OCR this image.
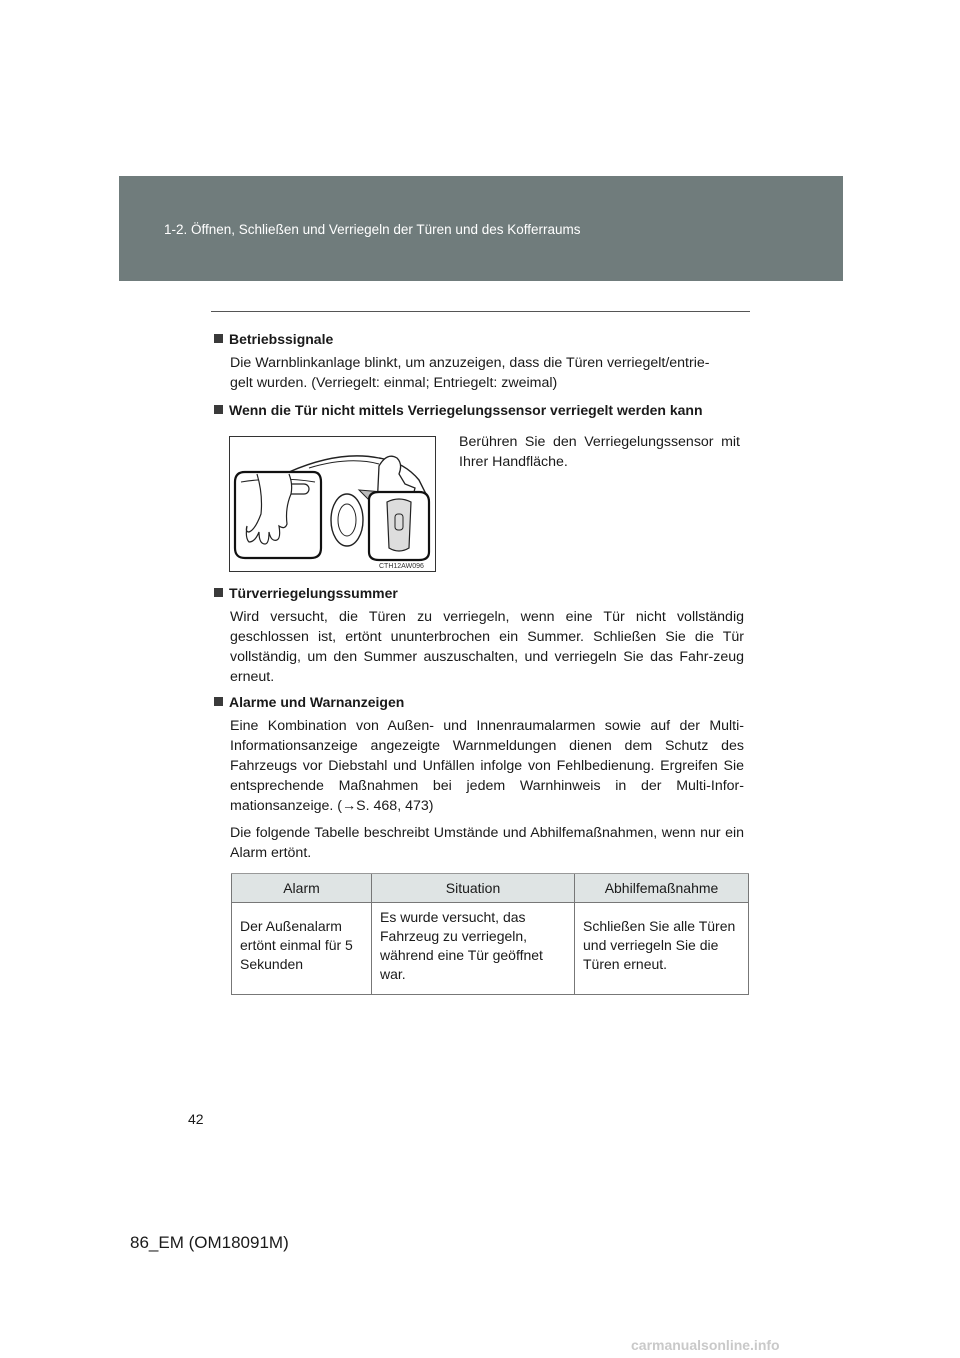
1-2. Öffnen, Schließen und Verriegeln der Türen und des Kofferraums
Betriebssignale
Die Warnblinkanlage blinkt, um anzuzeigen, dass die Türen verriegelt/entrie-
gelt wurden. (Verriegelt: einmal; Entriegelt: zweimal)
Wenn die Tür nicht mittels Verriegelungssensor verriegelt werden kann
CTH12AW096
Berühren Sie den Verriegelungssensor mit Ihrer Handfläche.
Türverriegelungssummer
Wird versucht, die Türen zu verriegeln, wenn eine Tür nicht vollständig geschlossen ist, ertönt ununterbrochen ein Summer. Schließen Sie die Tür vollständig, um den Summer auszuschalten, und verriegeln Sie das Fahr-zeug erneut.
Alarme und Warnanzeigen
Eine Kombination von Außen- und Innenraumalarmen sowie auf der Multi-Informationsanzeige angezeigte Warnmeldungen dienen dem Schutz des Fahrzeugs vor Diebstahl und Unfällen infolge von Fehlbedienung. Ergreifen Sie entsprechende Maßnahmen bei jedem Warnhinweis in der Multi-Infor-mationsanzeige. (→S. 468, 473)
Die folgende Tabelle beschreibt Umstände und Abhilfemaßnahmen, wenn nur ein Alarm ertönt.
Alarm	Situation	Abhilfemaßnahme
Der Außenalarm ertönt einmal für 5 Sekunden	Es wurde versucht, das Fahrzeug zu verriegeln, während eine Tür geöffnet war.	Schließen Sie alle Türen und verriegeln Sie die Türen erneut.
42
86_EM (OM18091M)
carmanualsonline.info
